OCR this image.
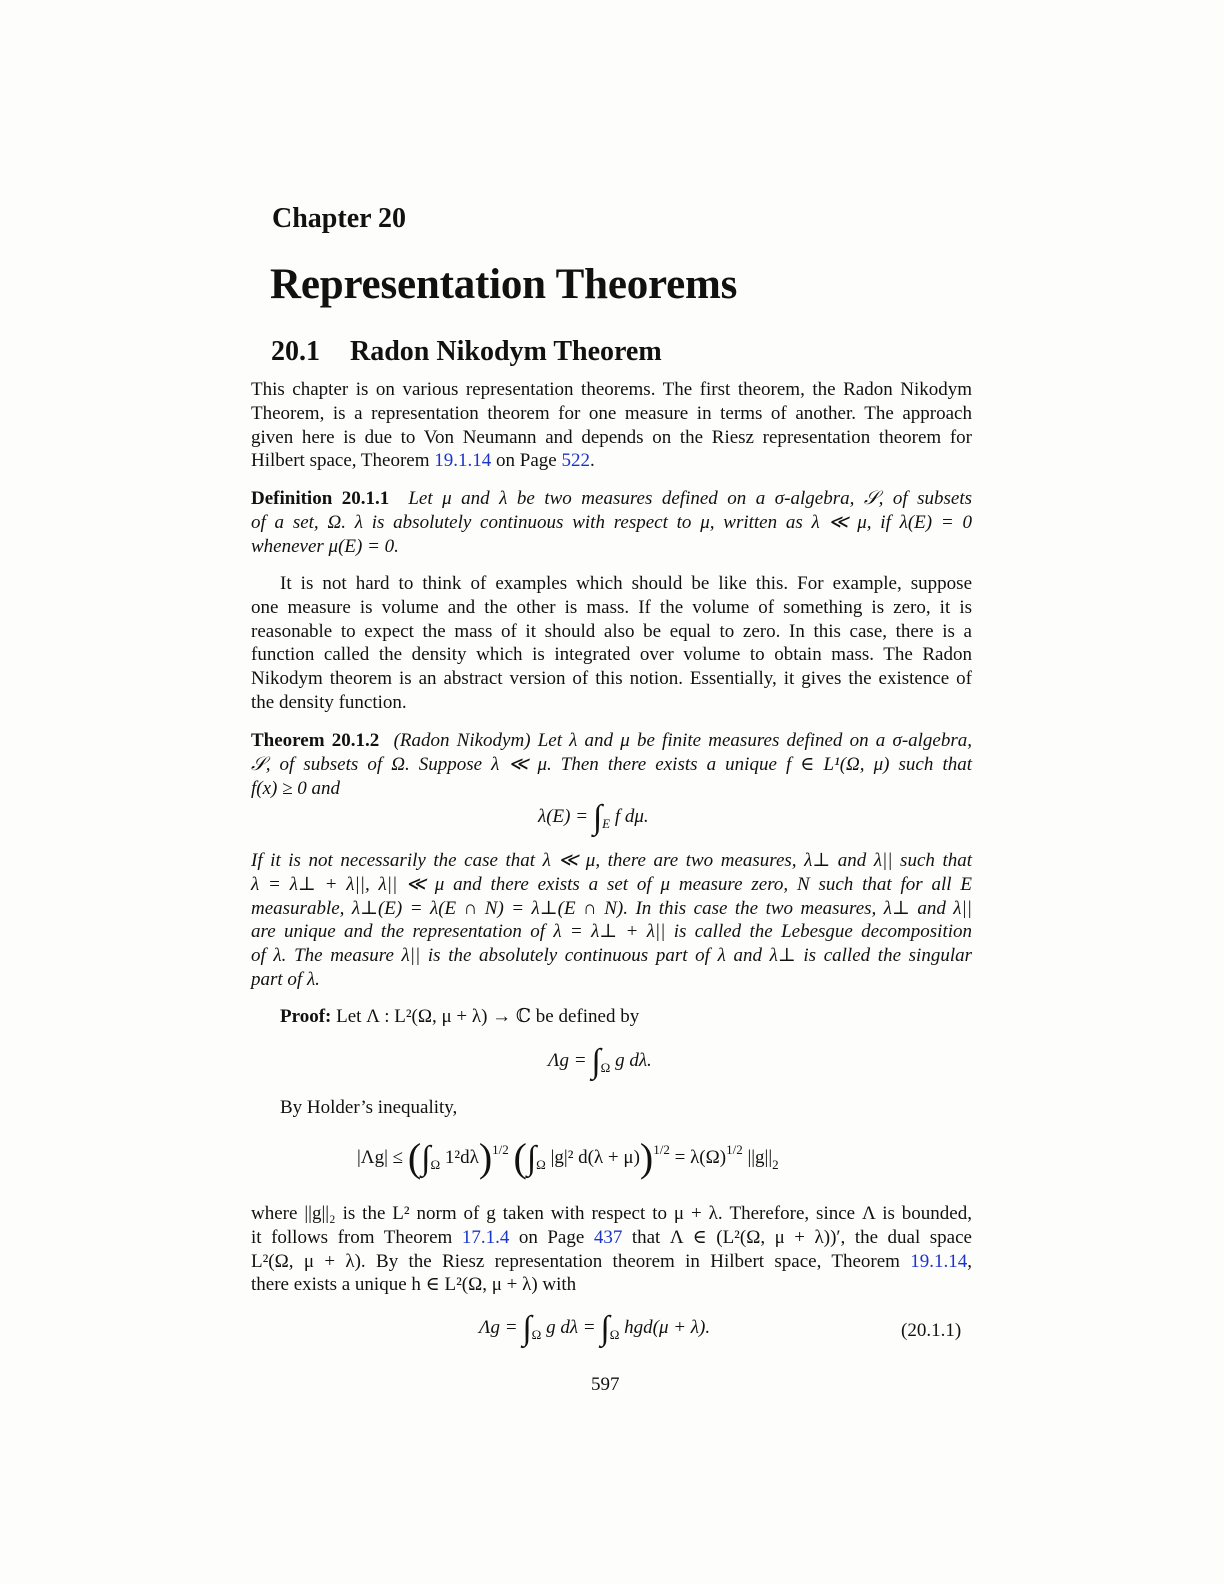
Chapter 20
Representation Theorems
20.1 Radon Nikodym Theorem
This chapter is on various representation theorems. The first theorem, the Radon Nikodym
Theorem, is a representation theorem for one measure in terms of another. The approach
given here is due to Von Neumann and depends on the Riesz representation theorem for
Hilbert space, Theorem 19.1.14 on Page 522.
Definition 20.1.1 Let μ and λ be two measures defined on a σ-algebra, 𝒮, of subsets
of a set, Ω. λ is absolutely continuous with respect to μ, written as λ ≪ μ, if λ(E) = 0
whenever μ(E) = 0.
It is not hard to think of examples which should be like this. For example, suppose
one measure is volume and the other is mass. If the volume of something is zero, it is
reasonable to expect the mass of it should also be equal to zero. In this case, there is a
function called the density which is integrated over volume to obtain mass. The Radon
Nikodym theorem is an abstract version of this notion. Essentially, it gives the existence of
the density function.
Theorem 20.1.2 (Radon Nikodym) Let λ and μ be finite measures defined on a σ-algebra,
𝒮, of subsets of Ω. Suppose λ ≪ μ. Then there exists a unique f ∈ L¹(Ω, μ) such that
f(x) ≥ 0 and
$\lambda(E) = \int_E$ f dμ.
If it is not necessarily the case that λ ≪ μ, there are two measures, λ⊥ and λ|| such that
λ = λ⊥ + λ||, λ|| ≪ μ and there exists a set of μ measure zero, N such that for all E
measurable, λ⊥(E) = λ(E ∩ N) = λ⊥(E ∩ N). In this case the two measures, λ⊥ and λ||
are unique and the representation of λ = λ⊥ + λ|| is called the Lebesgue decomposition
of λ. The measure λ|| is the absolutely continuous part of λ and λ⊥ is called the singular
part of λ.
Proof: Let Λ : L²(Ω, μ + λ) → ℂ be defined by
$\Lambda g = \int_\Omega$ g dλ.
By Holder’s inequality,
$|\Lambda g| \le (\int_\Omega$ 1²dλ)$^{1/2}$ ($\int_\Omega$ |g|² $d(\lambda + \mu))^{1/2} = \lambda(\Omega)^{1/2}$ $||g||_2$
where ||g||₂ is the L² norm of g taken with respect to μ + λ. Therefore, since Λ is bounded,
it follows from Theorem 17.1.4 on Page 437 that Λ ∈ (L²(Ω, μ + λ))′, the dual space
L²(Ω, μ + λ). By the Riesz representation theorem in Hilbert space, Theorem 19.1.14,
there exists a unique h ∈ L²(Ω, μ + λ) with
$\Lambda g = \int_\Omega$ g $d\lambda = \int_\Omega$ hgd(μ + λ).	(20.1.1)
597
